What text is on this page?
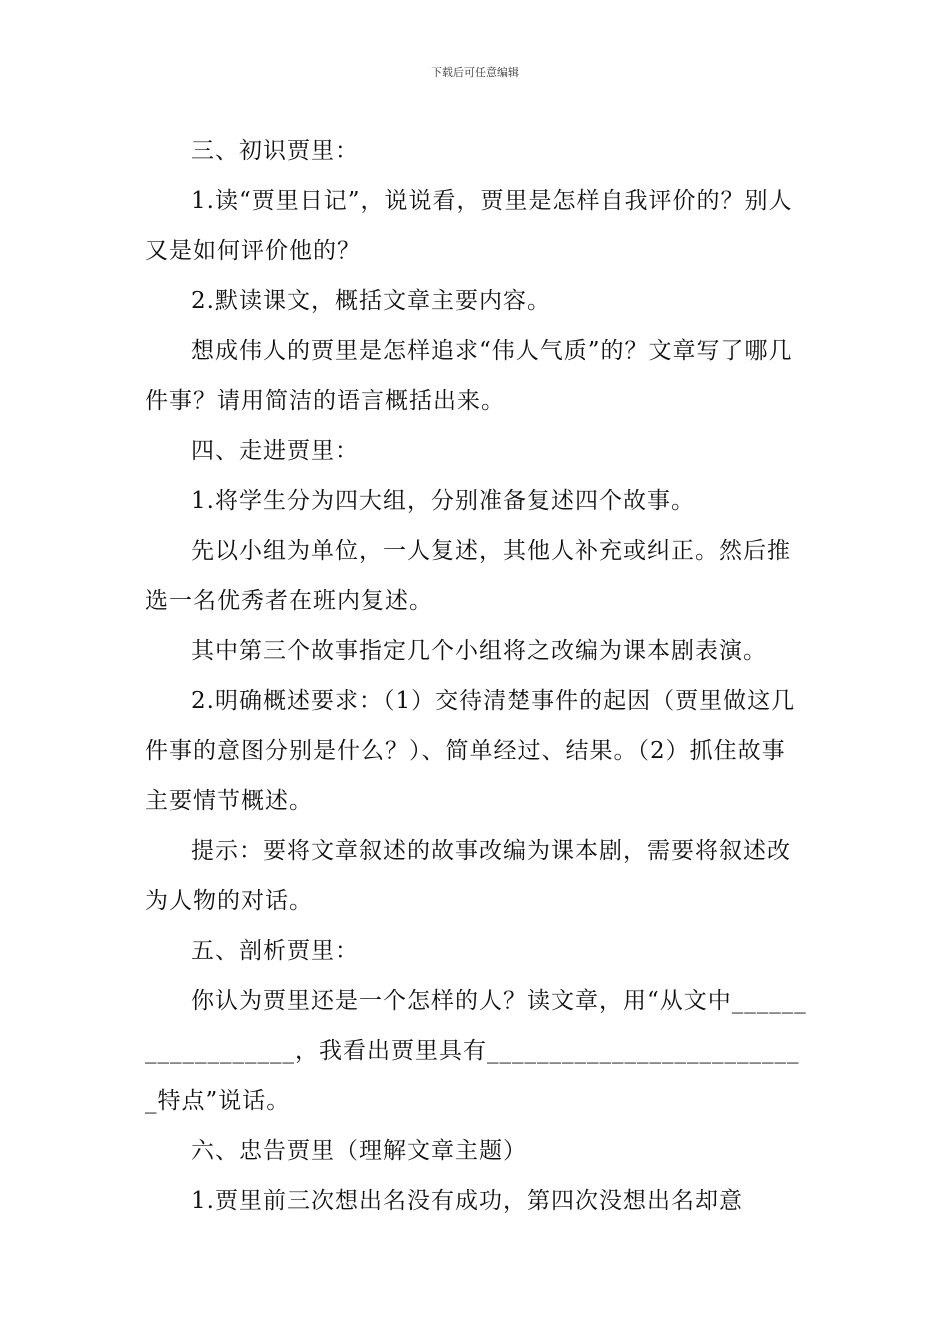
下载后可任意编辑

三、初识贾里：

1.读“贾里日记”，说说看，贾里是怎样自我评价的？别人又是如何评价他的？

2.默读课文，概括文章主要内容。

想成伟人的贾里是怎样追求“伟人气质”的？文章写了哪几件事？请用简洁的语言概括出来。

四、走进贾里：

1.将学生分为四大组，分别准备复述四个故事。

先以小组为单位，一人复述，其他人补充或纠正。然后推选一名优秀者在班内复述。

其中第三个故事指定几个小组将之改编为课本剧表演。

2.明确概述要求：（1）交待清楚事件的起因（贾里做这几件事的意图分别是什么？）、简单经过、结果。（2）抓住故事主要情节概述。

提示：要将文章叙述的故事改编为课本剧，需要将叙述改为人物的对话。

五、剖析贾里：

你认为贾里还是一个怎样的人？读文章，用“从文中__________________，我看出贾里具有__________________________特点”说话。

六、忠告贾里（理解文章主题）

1.贾里前三次想出名没有成功，第四次没想出名却意
